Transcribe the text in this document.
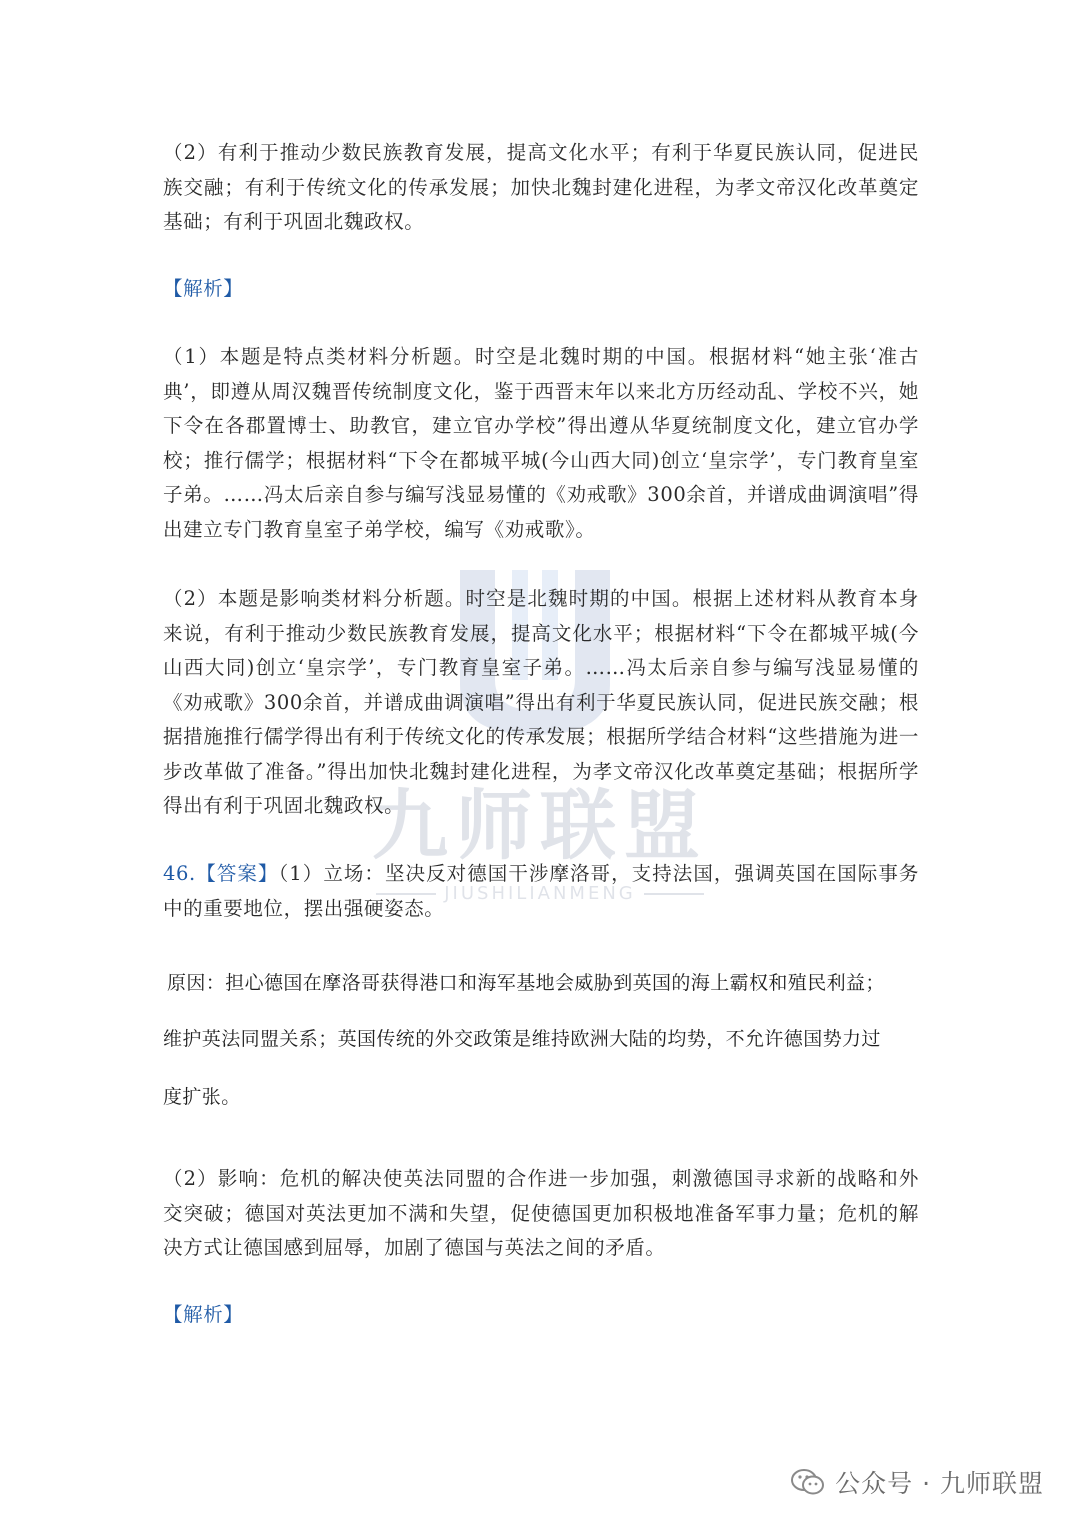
九师联盟
JIUSHILIANMENG

（2）有利于推动少数民族教育发展，提高文化水平；有利于华夏民族认同，促进民族交融；有利于传统文化的传承发展；加快北魏封建化进程，为孝文帝汉化改革奠定基础；有利于巩固北魏政权。

【解析】

（1）本题是特点类材料分析题。时空是北魏时期的中国。根据材料“她主张‘准古典’，即遵从周汉魏晋传统制度文化，鉴于西晋末年以来北方历经动乱、学校不兴，她下令在各郡置博士、助教官，建立官办学校”得出遵从华夏统制度文化，建立官办学校；推行儒学；根据材料“下令在都城平城(今山西大同)创立‘皇宗学’，专门教育皇室子弟。……冯太后亲自参与编写浅显易懂的《劝戒歌》300余首，并谱成曲调演唱”得出建立专门教育皇室子弟学校，编写《劝戒歌》。

（2）本题是影响类材料分析题。时空是北魏时期的中国。根据上述材料从教育本身来说，有利于推动少数民族教育发展，提高文化水平；根据材料“下令在都城平城(今山西大同)创立‘皇宗学’，专门教育皇室子弟。……冯太后亲自参与编写浅显易懂的《劝戒歌》300余首，并谱成曲调演唱”得出有利于华夏民族认同，促进民族交融；根据措施推行儒学得出有利于传统文化的传承发展；根据所学结合材料“这些措施为进一步改革做了准备。”得出加快北魏封建化进程，为孝文帝汉化改革奠定基础；根据所学得出有利于巩固北魏政权。

46.【答案】（1）立场：坚决反对德国干涉摩洛哥，支持法国，强调英国在国际事务中的重要地位，摆出强硬姿态。

原因：担心德国在摩洛哥获得港口和海军基地会威胁到英国的海上霸权和殖民利益；

维护英法同盟关系；英国传统的外交政策是维持欧洲大陆的均势，不允许德国势力过

度扩张。

（2）影响：危机的解决使英法同盟的合作进一步加强，刺激德国寻求新的战略和外交突破；德国对英法更加不满和失望，促使德国更加积极地准备军事力量；危机的解决方式让德国感到屈辱，加剧了德国与英法之间的矛盾。

【解析】

公众号 · 九师联盟
